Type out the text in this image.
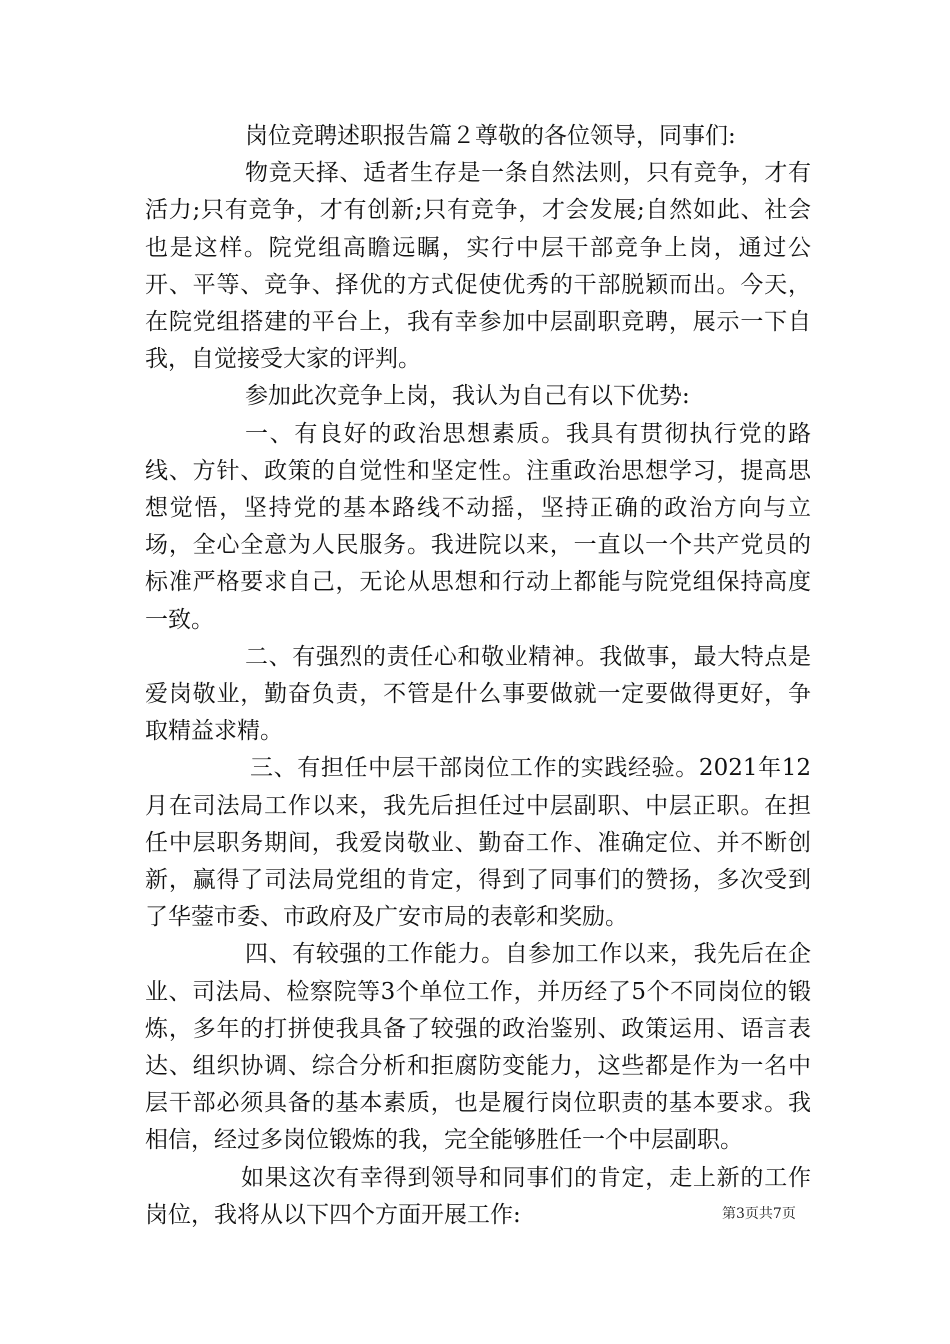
岗位竞聘述职报告篇２尊敬的各位领导，同事们:

物竞天择、适者生存是一条自然法则，只有竞争，才有活力;只有竞争，才有创新;只有竞争，才会发展;自然如此、社会也是这样。院党组高瞻远瞩，实行中层干部竞争上岗，通过公开、平等、竞争、择优的方式促使优秀的干部脱颖而出。今天，在院党组搭建的平台上，我有幸参加中层副职竞聘，展示一下自我，自觉接受大家的评判。

参加此次竞争上岗，我认为自己有以下优势:

一、有良好的政治思想素质。我具有贯彻执行党的路线、方针、政策的自觉性和坚定性。注重政治思想学习，提高思想觉悟，坚持党的基本路线不动摇，坚持正确的政治方向与立场，全心全意为人民服务。我进院以来，一直以一个共产党员的标准严格要求自己，无论从思想和行动上都能与院党组保持高度一致。

二、有强烈的责任心和敬业精神。我做事，最大特点是爱岗敬业，勤奋负责，不管是什么事要做就一定要做得更好，争取精益求精。

三、有担任中层干部岗位工作的实践经验。2021年12月在司法局工作以来，我先后担任过中层副职、中层正职。在担任中层职务期间，我爱岗敬业、勤奋工作、准确定位、并不断创新，赢得了司法局党组的肯定，得到了同事们的赞扬，多次受到了华蓥市委、市政府及广安市局的表彰和奖励。

四、有较强的工作能力。自参加工作以来，我先后在企业、司法局、检察院等3个单位工作，并历经了5个不同岗位的锻炼，多年的打拼使我具备了较强的政治鉴别、政策运用、语言表达、组织协调、综合分析和拒腐防变能力，这些都是作为一名中层干部必须具备的基本素质，也是履行岗位职责的基本要求。我相信，经过多岗位锻炼的我，完全能够胜任一个中层副职。

如果这次有幸得到领导和同事们的肯定，走上新的工作岗位，我将从以下四个方面开展工作:	第3页共7页
